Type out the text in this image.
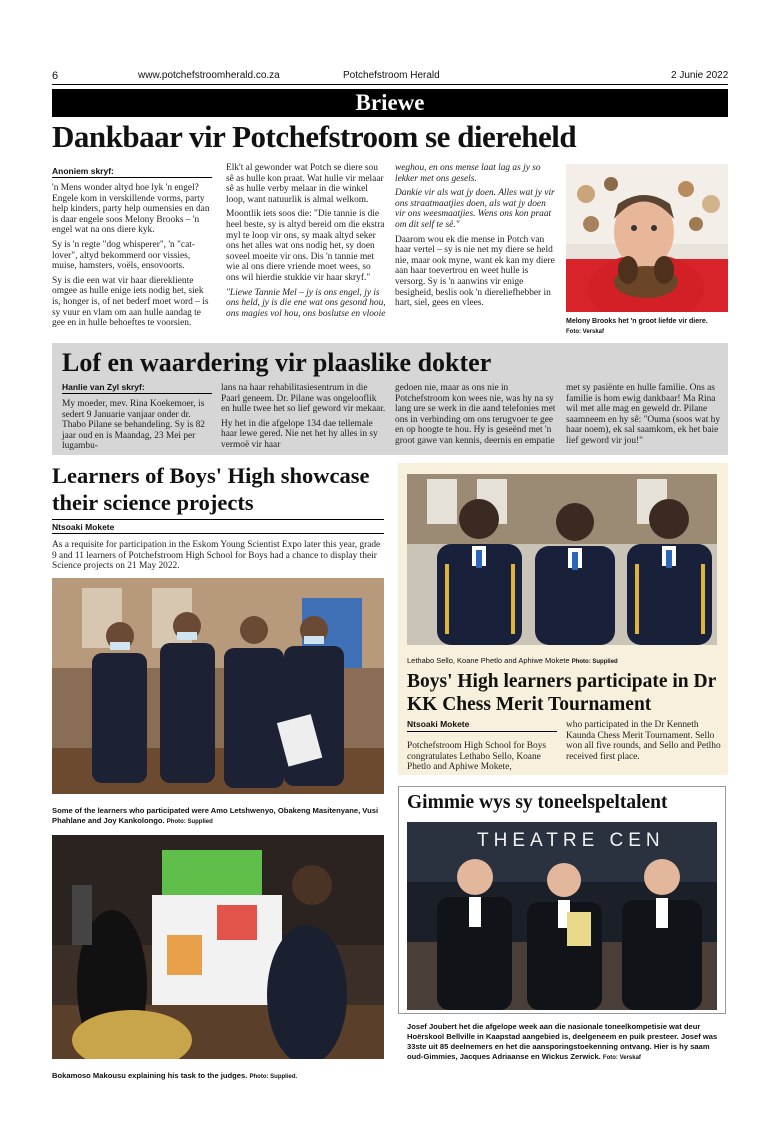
6	www.potchefstroomherald.co.za	Potchefstroom Herald	2 Junie 2022
Briewe
Dankbaar vir Potchefstroom se diereheld
Anoniem skryf:

'n Mens wonder altyd hoe lyk 'n engel? Engele kom in verskillende vorms, party help kinders, party help oumensies en dan is daar engele soos Melony Brooks – 'n engel wat na ons diere kyk.

Sy is 'n regte "dog whisperer", 'n "cat-lover", altyd bekommerd oor vissies, muise, hamsters, voëls, ensovoorts.

Sy is die een wat vir haar dierekliente omgee as hulle enige iets nodig het, siek is, honger is, of net bederf moet word – is sy vuur en vlam om aan hulle aandag te gee en in hulle behoeftes te voorsien.

Elk't al gewonder wat Potch se diere sou sê as hulle kon praat. Wat hulle vir melaar sê as hulle verby melaar in die winkel loop, want natuurlik is almal welkom.

Moontlik iets soos die: "Die tannie is die heel beste, sy is altyd bereid om die ekstra myl te loop vir ons, sy maak altyd seker ons het alles wat ons nodig het, sy doen soveel moeite vir ons. Dis 'n tannie met wie al ons diere vriende moet wees, so ons wil hierdie stukkie vir haar skryf."

"Liewe Tannie Mel – jy is ons engel, jy is ons held, jy is die ene wat ons gesond hou, ons magies vol hou, ons boslutse en vlooie

weghou, en ons mense laat lag as jy so lekker met ons gesels.

Dankie vir als wat jy doen. Alles wat jy vir ons straatmaatjies doen, als wat jy doen vir ons weesmaatjies. Wens ons kon praat om dit self te sê."

Daarom wou ek die mense in Potch van haar vertel – sy is nie net my diere se held nie, maar ook myne, want ek kan my diere aan haar toevertrou en weet hulle is versorg. Sy is 'n aanwins vir enige besigheid, beslis ook 'n diereliefhebber in hart, siel, gees en vlees.

Melony Brooks het 'n groot liefde vir diere.
Foto: Verskaf
Lof en waardering vir plaaslike dokter
Hanlie van Zyl skryf:

My moeder, mev. Rina Koekemoer, is sedert 9 Januarie vanjaar onder dr. Thabo Pilane se behandeling. Sy is 82 jaar oud en is Maandag, 23 Mei per lugambu-

lans na haar rehabilitasiesentrum in die Paarl geneem. Dr. Pilane was ongelooflik en hulle twee het so lief geword vir mekaar.

Hy het in die afgelope 134 dae tellemale haar lewe gered. Nie net het hy alles in sy vermoë vir haar

gedoen nie, maar as ons nie in Potchefstroom kon wees nie, was hy na sy lang ure se werk in die aand telefonies met ons in verbinding om ons terugvoer te gee en op hoogte te hou. Hy is geseënd met 'n groot gawe van kennis, deernis en empatie

met sy pasiënte en hulle familie. Ons as familie is hom ewig dankbaar! Ma Rina wil met alle mag en geweld dr. Pilane saamneem en hy sê: "Ouma (soos wat hy haar noem), ek sal saamkom, ek het baie lief geword vir jou!"

Learners of Boys' High showcase their science projects
Ntsoaki Mokete
As a requisite for participation in the Eskom Young Scientist Expo later this year, grade 9 and 11 learners of Potchefstroom High School for Boys had a chance to display their Science projects on 21 May 2022.
Some of the learners who participated were Amo Letshwenyo, Obakeng Masitenyane, Vusi Phahlane and Joy Kankolongo. Photo: Supplied
Bokamoso Makousu explaining his task to the judges. Photo: Supplied.
Lethabo Sello, Koane Phetlo and Aphiwe Mokete Photo: Supplied
Boys' High learners participate in Dr KK Chess Merit Tournament
Ntsoaki Mokete
Potchefstroom High School for Boys congratulates Lethabo Sello, Koane Phetlo and Aphiwe Mokete,
who participated in the Dr Kenneth Kaunda Chess Merit Tournament. Sello won all five rounds, and Sello and Petlho received first place.
Gimmie wys sy toneelspeltalent
THEATRE CEN
Josef Joubert het die afgelope week aan die nasionale toneelkompetisie wat deur Hoërskool Bellville in Kaapstad aangebied is, deelgeneem en puik presteer. Josef was 33ste uit 85 deelnemers en het die aansporingstoekenning ontvang. Hier is hy saam oud-Gimmies, Jacques Adriaanse en Wickus Zerwick. Foto: Verskaf
